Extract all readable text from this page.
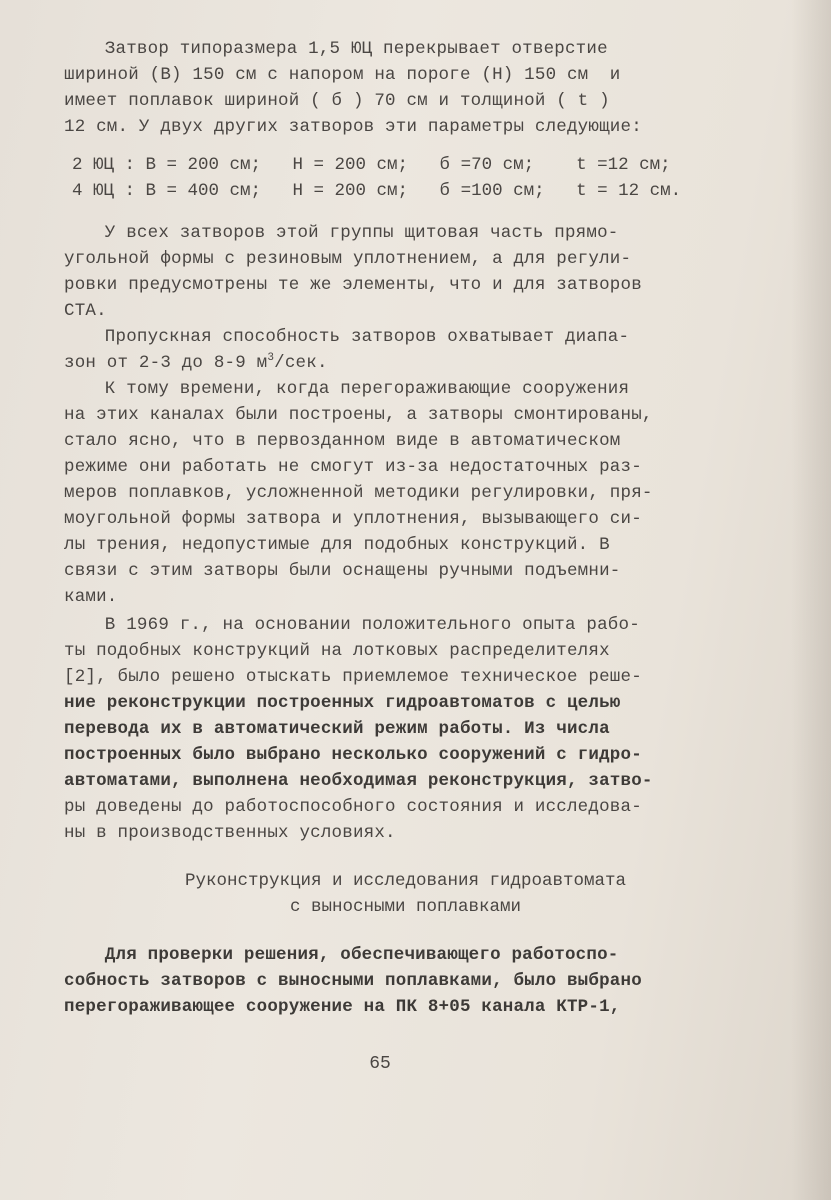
Затвор типоразмера 1,5 ЮЦ перекрывает отверстие
шириной (В) 150 см с напором на пороге (Н) 150 см  и
имеет поплавок шириной ( б ) 70 см и толщиной ( t )
12 см. У двух других затворов эти параметры следующие:
2 ЮЦ : В = 200 см;   Н = 200 см;   б =70 см;    t =12 см;
4 ЮЦ : В = 400 см;   Н = 200 см;   б =100 см;   t = 12 см.
У всех затворов этой группы щитовая часть прямо-
угольной формы с резиновым уплотнением, а для регули-
ровки предусмотрены те же элементы, что и для затворов
СТА.
Пропускная способность затворов охватывает диапа-
зон от 2-3 до 8-9 $м^3$/сек.
К тому времени, когда перегораживающие сооружения
на этих каналах были построены, а затворы смонтированы,
стало ясно, что в первозданном виде в автоматическом
режиме они работать не смогут из-за недостаточных раз-
меров поплавков, усложненной методики регулировки, пря-
моугольной формы затвора и уплотнения, вызывающего си-
лы трения, недопустимые для подобных конструкций. В
связи с этим затворы были оснащены ручными подъемни-
ками.
В 1969 г., на основании положительного опыта рабо-
ты подобных конструкций на лотковых распределителях
[2], было решено отыскать приемлемое техническое реше-
ние реконструкции построенных гидроавтоматов с целью
перевода их в автоматический режим работы. Из числа
построенных было выбрано несколько сооружений с гидро-
автоматами, выполнена необходимая реконструкция, затво-
ры доведены до работоспособного состояния и исследова-
ны в производственных условиях.
Руконструкция и исследования гидроавтомата
с выносными поплавками
Для проверки решения, обеспечивающего работоспо-
собность затворов с выносными поплавками, было выбрано
перегораживающее сооружение на ПК 8+05 канала КТР-1,
65
